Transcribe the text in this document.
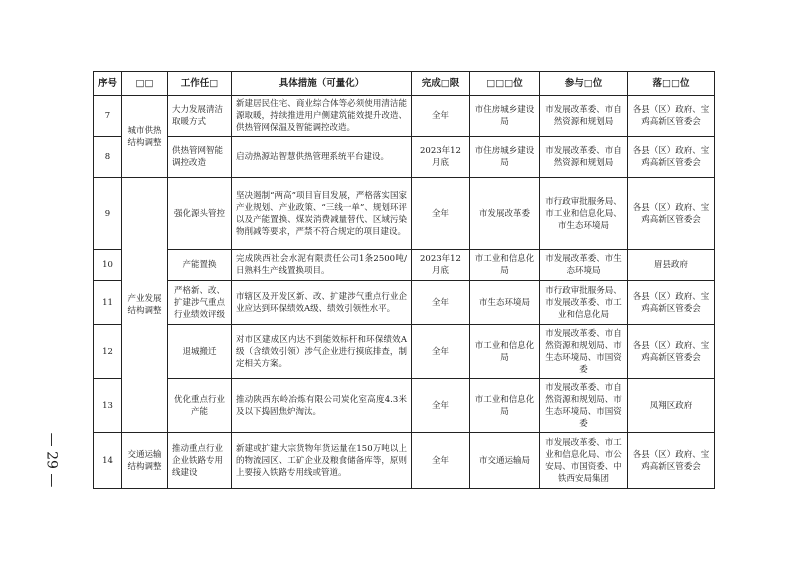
— 29 —
序号	□□	工作任□	具体措施（可量化）	完成□限	□□□位	参与□位	落□□位
7	城市供热结构调整	大力发展清洁取暖方式	新建居民住宅、商业综合体等必须使用清洁能源取暖，持续推进用户侧建筑能效提升改造、供热管网保温及智能调控改造。	全年	市住房城乡建设局	市发展改革委、市自然资源和规划局	各县（区）政府、宝鸡高新区管委会
8		供热管网智能调控改造	启动热源站智慧供热管理系统平台建设。	2023年12月底	市住房城乡建设局	市发展改革委、市自然资源和规划局	各县（区）政府、宝鸡高新区管委会
9	产业发展结构调整	强化源头管控	坚决遏制“两高”项目盲目发展，严格落实国家产业规划、产业政策、“三线一单”、规划环评以及产能置换、煤炭消费减量替代、区域污染物削减等要求，严禁不符合规定的项目建设。	全年	市发展改革委	市行政审批服务局、市工业和信息化局、市生态环境局	各县（区）政府、宝鸡高新区管委会
10		产能置换	完成陕西社会水泥有限责任公司1条2500吨/日熟料生产线置换项目。	2023年12月底	市工业和信息化局	市发展改革委、市生态环境局	眉县政府
11		严格新、改、扩建涉气重点行业绩效评级	市辖区及开发区新、改、扩建涉气重点行业企业应达到环保绩效A级、绩效引领性水平。	全年	市生态环境局	市行政审批服务局、市发展改革委、市工业和信息化局	各县（区）政府、宝鸡高新区管委会
12		退城搬迁	对市区建成区内达不到能效标杆和环保绩效A级（含绩效引领）涉气企业进行摸底排查，制定相关方案。	全年	市工业和信息化局	市发展改革委、市自然资源和规划局、市生态环境局、市国资委	各县（区）政府、宝鸡高新区管委会
13		优化重点行业产能	推动陕西东岭冶炼有限公司炭化室高度4.3米及以下捣固焦炉淘汰。	全年	市工业和信息化局	市发展改革委、市自然资源和规划局、市生态环境局、市国资委	凤翔区政府
14	交通运输结构调整	推动重点行业企业铁路专用线建设	新建或扩建大宗货物年货运量在150万吨以上的物流园区、工矿企业及粮食储备库等，原则上要接入铁路专用线或管道。	全年	市交通运输局	市发展改革委、市工业和信息化局、市公安局、市国资委、中铁西安局集团	各县（区）政府、宝鸡高新区管委会
